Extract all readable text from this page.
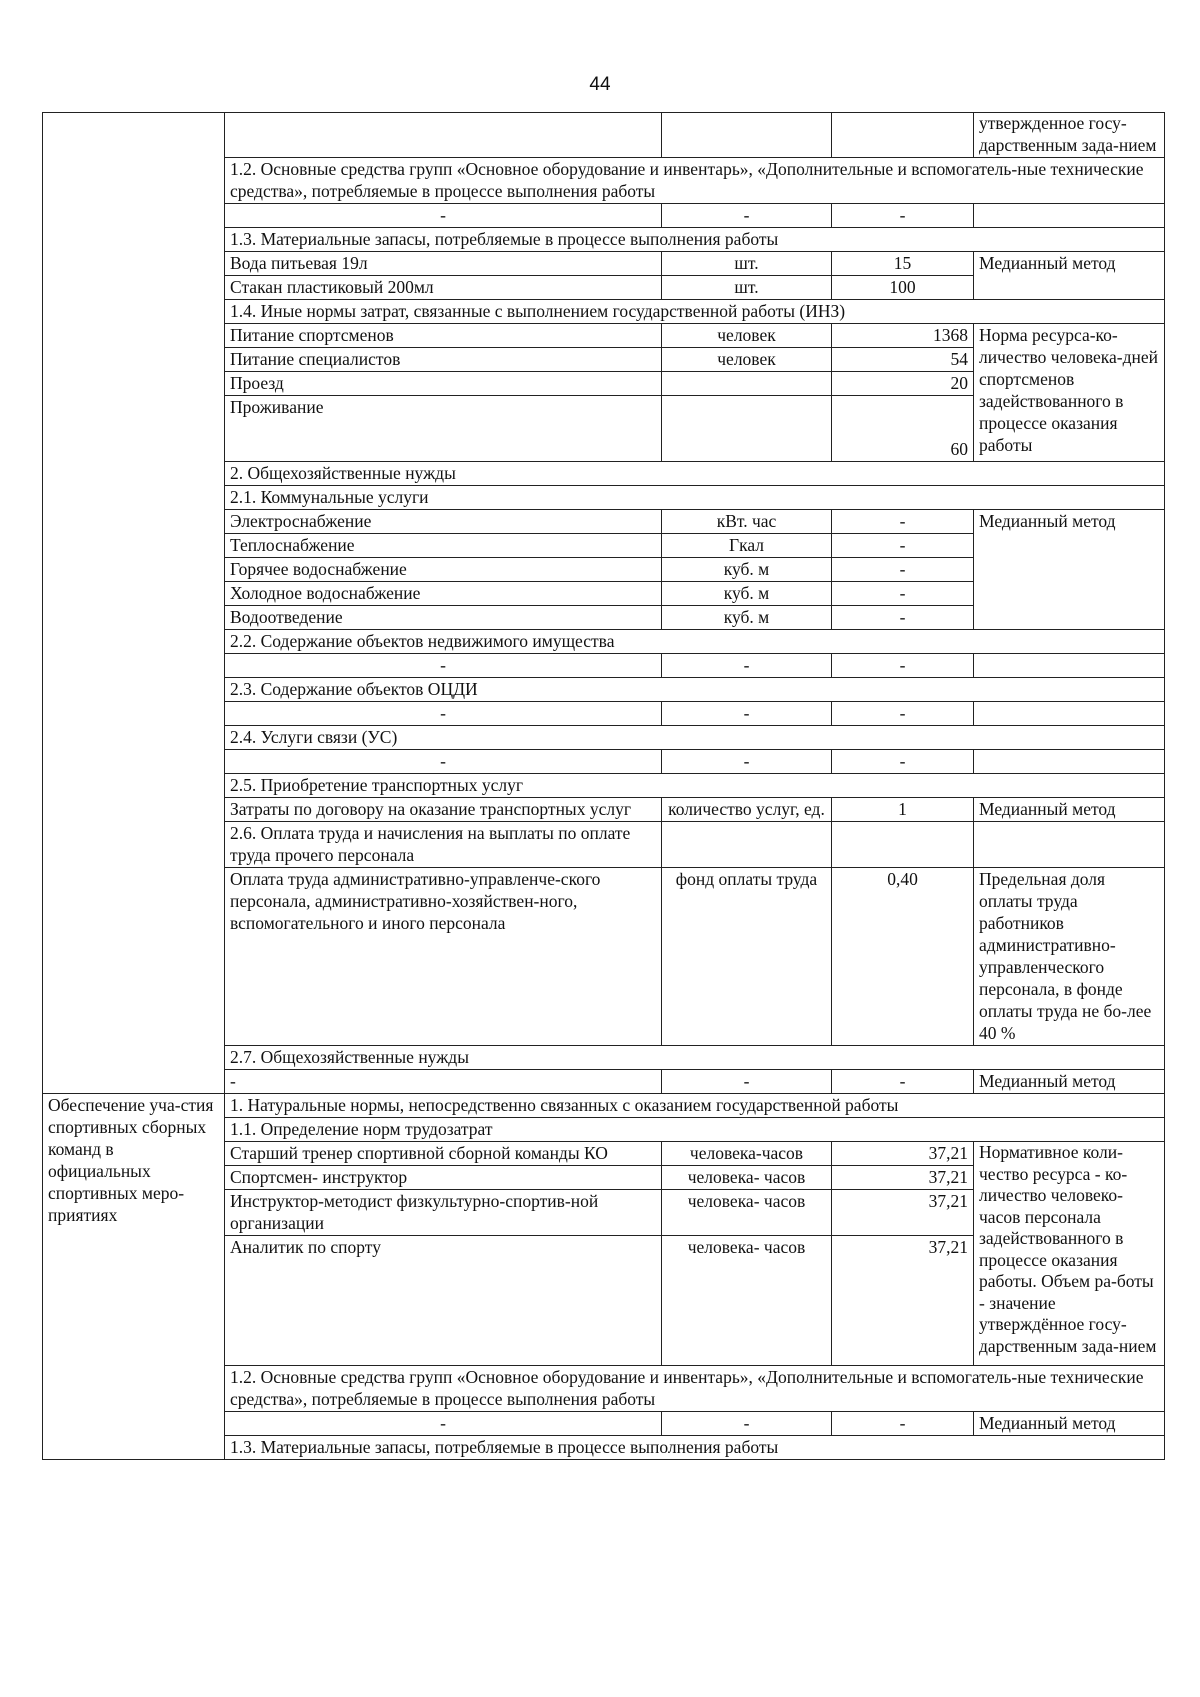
44
				утвержденное госу-дарственным зада-нием
	1.2. Основные средства групп «Основное оборудование и инвентарь», «Дополнительные и вспомогатель-ные технические средства», потребляемые в процессе выполнения работы			
	-	-	-	
	1.3. Материальные запасы, потребляемые в процессе выполнения работы			
	Вода питьевая 19л	шт.	15	Медианный метод
	Стакан пластиковый 200мл	шт.	100	
	1.4. Иные нормы затрат, связанные с выполнением государственной работы (ИНЗ)			
	Питание спортсменов	человек	1368	Норма ресурса-ко-личество человека-дней спортсменов задействованного в процессе оказания работы
	Питание специалистов	человек	54	
	Проезд		20	
	Проживание		60	
	2. Общехозяйственные нужды			
	2.1. Коммунальные услуги			
	Электроснабжение	кВт. час	-	Медианный метод
	Теплоснабжение	Гкал	-	
	Горячее водоснабжение	куб. м	-	
	Холодное водоснабжение	куб. м	-	
	Водоотведение	куб. м	-	
	2.2. Содержание объектов недвижимого имущества			
	-	-	-	
	2.3. Содержание объектов ОЦДИ			
	-	-	-	
	2.4. Услуги связи (УС)			
	-	-	-	
	2.5. Приобретение транспортных услуг			
	Затраты по договору на оказание транспортных услуг	количество услуг, ед.	1	Медианный метод
	2.6. Оплата труда и начисления на выплаты по оплате труда прочего персонала			
	Оплата труда административно-управленче-ского персонала, административно-хозяйствен-ного, вспомогательного и иного персонала	фонд оплаты труда	0,40	Предельная доля оплаты труда работников административно-управленческого персонала, в фонде оплаты труда не бо-лее 40 %
	2.7. Общехозяйственные нужды			
	-	-	-	Медианный метод
Обеспечение уча-стия спортивных сборных команд в официальных спортивных меро-приятиях	1. Натуральные нормы, непосредственно связанных с оказанием государственной работы			
	1.1. Определение норм трудозатрат			
	Старший тренер спортивной сборной команды КО	человека-часов	37,21	Нормативное коли-чество ресурса - ко-личество человеко-часов персонала задействованного в процессе оказания работы. Объем ра-боты - значение утверждённое госу-дарственным зада-нием
	Спортсмен- инструктор	человека- часов	37,21	
	Инструктор-методист физкультурно-спортив-ной организации	человека- часов	37,21	
	Аналитик по спорту	человека- часов	37,21	
	1.2. Основные средства групп «Основное оборудование и инвентарь», «Дополнительные и вспомогатель-ные технические средства», потребляемые в процессе выполнения работы			
	-	-	-	Медианный метод
	1.3. Материальные запасы, потребляемые в процессе выполнения работы			
